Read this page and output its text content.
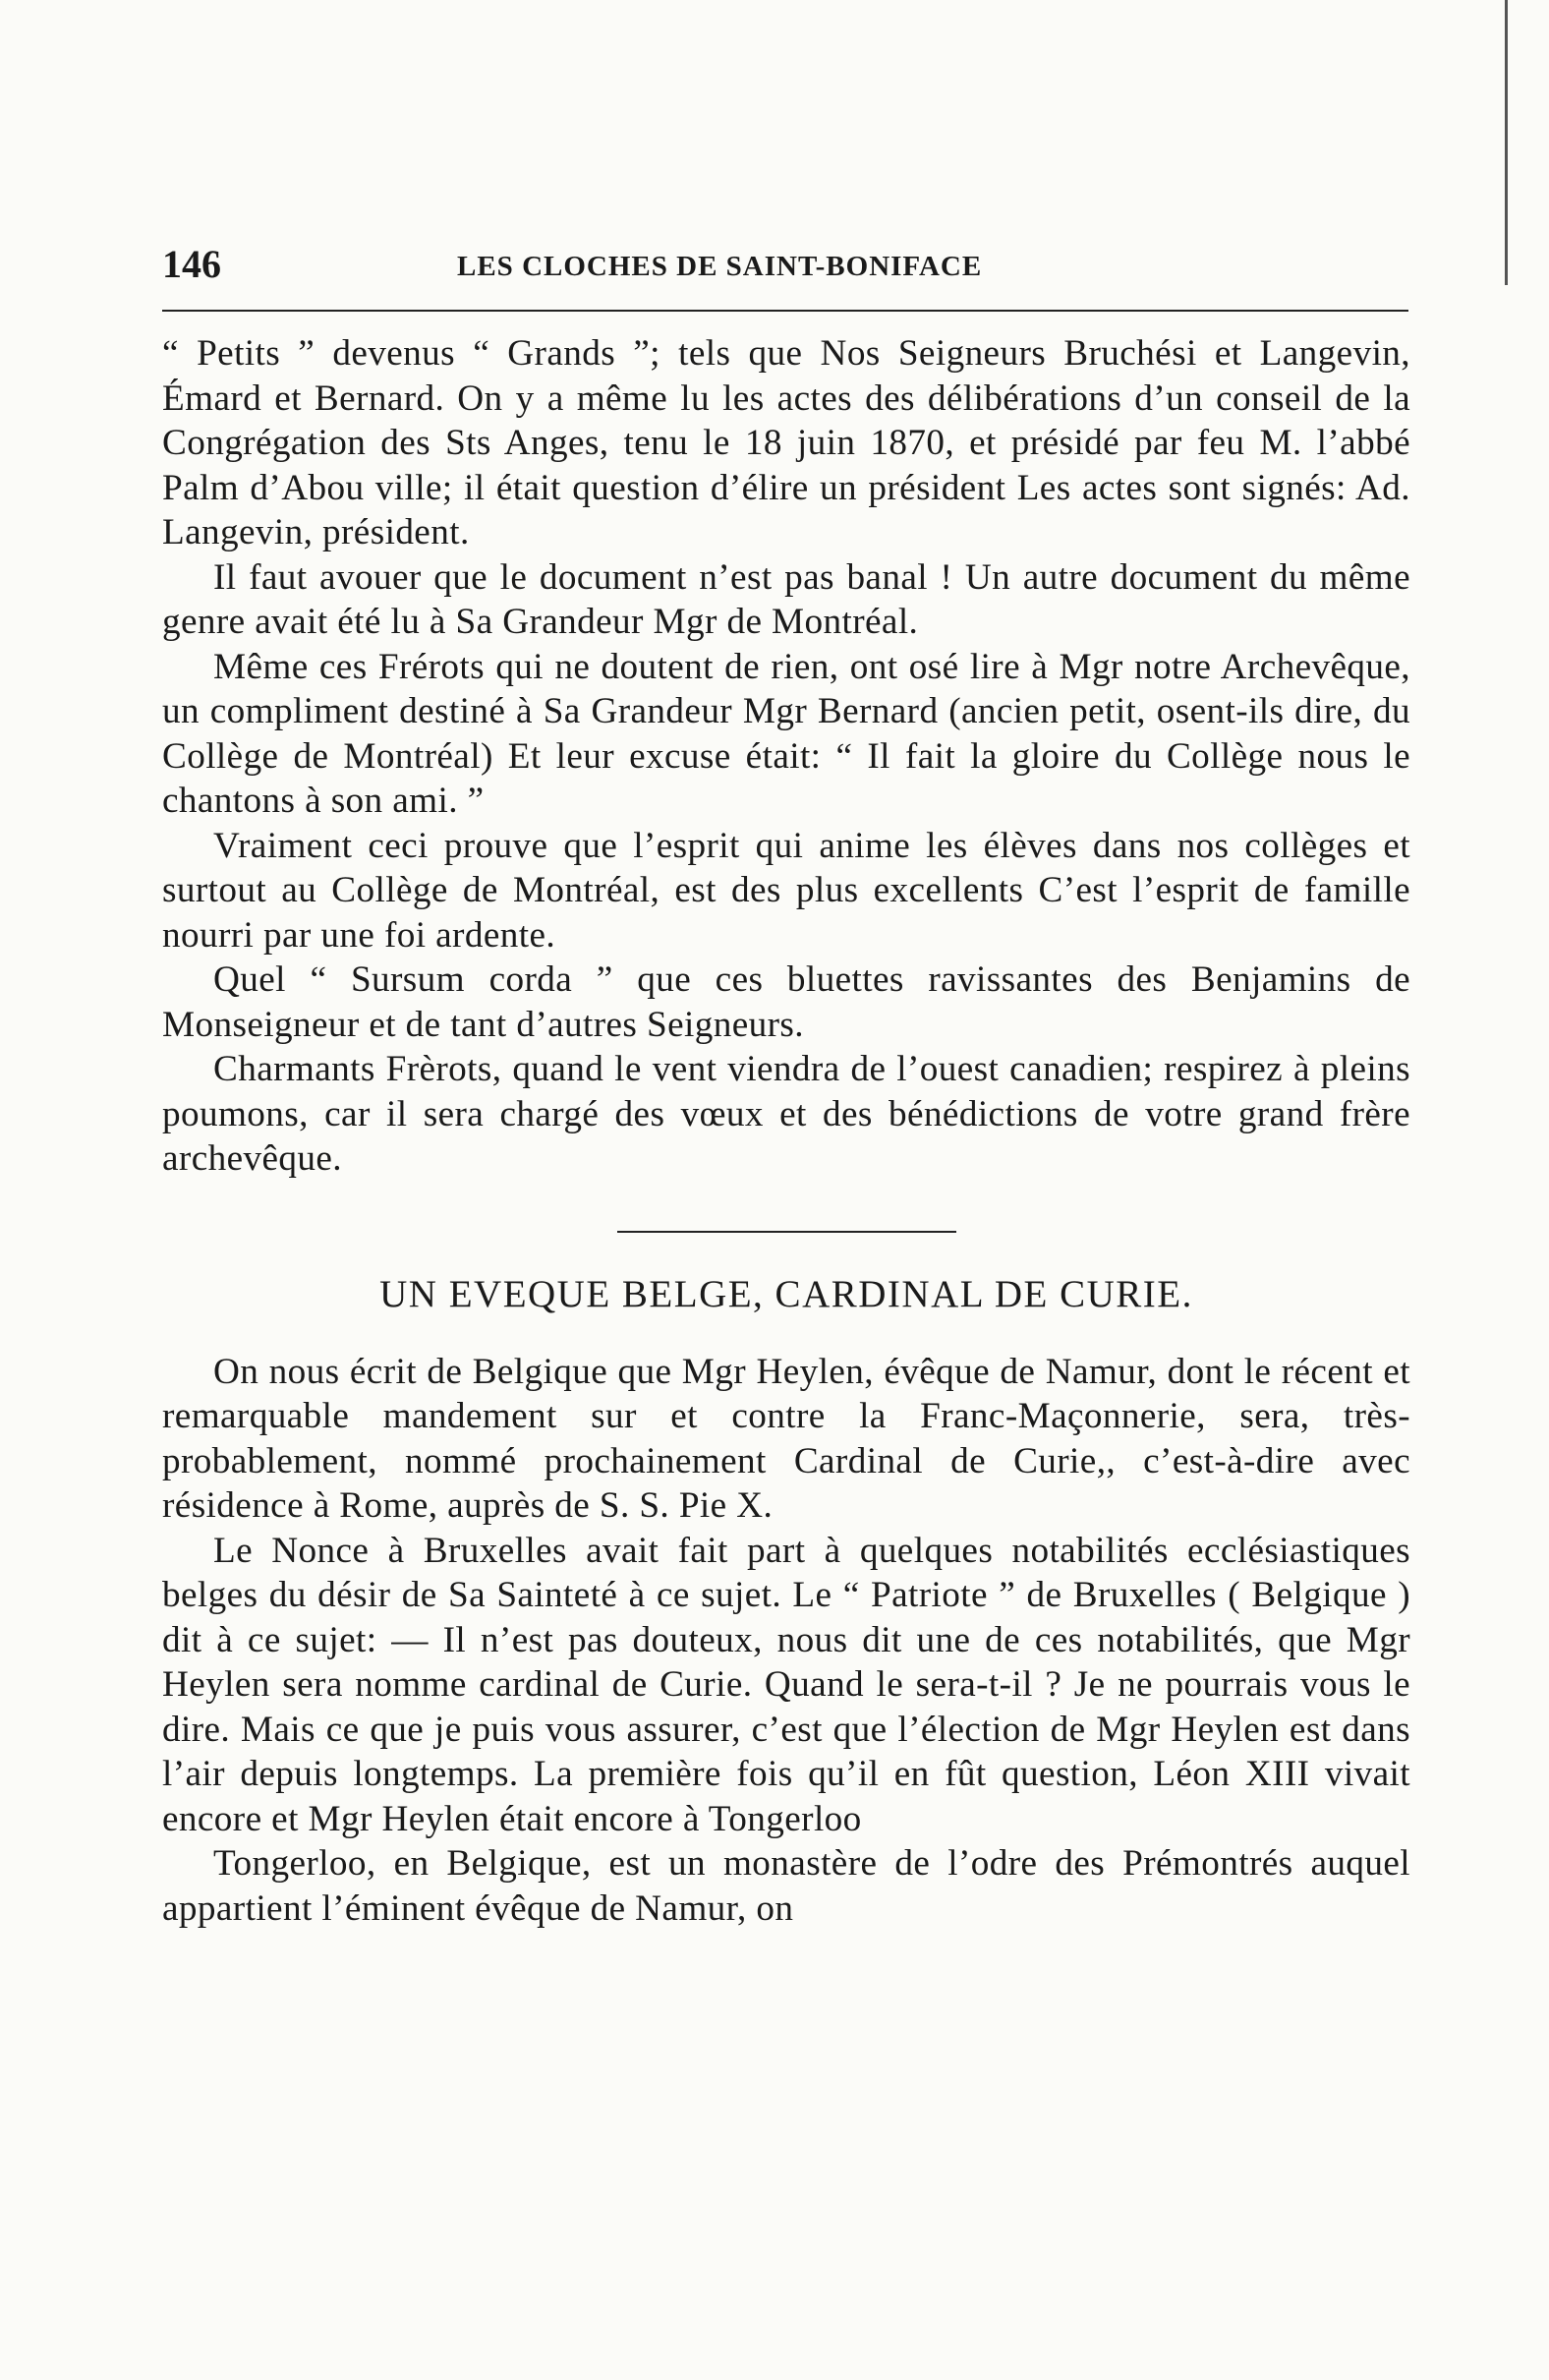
146	LES CLOCHES DE SAINT-BONIFACE

“ Petits ” devenus “ Grands ”; tels que Nos Seigneurs Bruchési et Langevin, Émard et Bernard. On y a même lu les actes des délibérations d’un conseil de la Congrégation des Sts Anges, tenu le 18 juin 1870, et présidé par feu M. l’abbé Palm d’Abou ville; il était question d’élire un président Les actes sont signés: Ad. Langevin, président.

Il faut avouer que le document n’est pas banal ! Un autre document du même genre avait été lu à Sa Grandeur Mgr de Montréal.

Même ces Frérots qui ne doutent de rien, ont osé lire à Mgr notre Archevêque, un compliment destiné à Sa Grandeur Mgr Bernard (ancien petit, osent-ils dire, du Collège de Montréal) Et leur excuse était: “ Il fait la gloire du Collège nous le chantons à son ami. ”

Vraiment ceci prouve que l’esprit qui anime les élèves dans nos collèges et surtout au Collège de Montréal, est des plus excellents C’est l’esprit de famille nourri par une foi ardente.

Quel “ Sursum corda ” que ces bluettes ravissantes des Benjamins de Monseigneur et de tant d’autres Seigneurs.

Charmants Frèrots, quand le vent viendra de l’ouest canadien; respirez à pleins poumons, car il sera chargé des vœux et des bénédictions de votre grand frère archevêque.

UN EVEQUE BELGE, CARDINAL DE CURIE.

On nous écrit de Belgique que Mgr Heylen, évêque de Namur, dont le récent et remarquable mandement sur et contre la Franc-Maçonnerie, sera, très-probablement, nommé prochainement Cardinal de Curie,, c’est-à-dire avec résidence à Rome, auprès de S. S. Pie X.

Le Nonce à Bruxelles avait fait part à quelques notabilités ecclésiastiques belges du désir de Sa Sainteté à ce sujet. Le “ Patriote ” de Bruxelles ( Belgique ) dit à ce sujet: — Il n’est pas douteux, nous dit une de ces notabilités, que Mgr Heylen sera nomme cardinal de Curie. Quand le sera-t-il ? Je ne pourrais vous le dire. Mais ce que je puis vous assurer, c’est que l’élection de Mgr Heylen est dans l’air depuis longtemps. La première fois qu’il en fût question, Léon XIII vivait encore et Mgr Heylen était encore à Tongerloo

Tongerloo, en Belgique, est un monastère de l’odre des Prémontrés auquel appartient l’éminent évêque de Namur, on
